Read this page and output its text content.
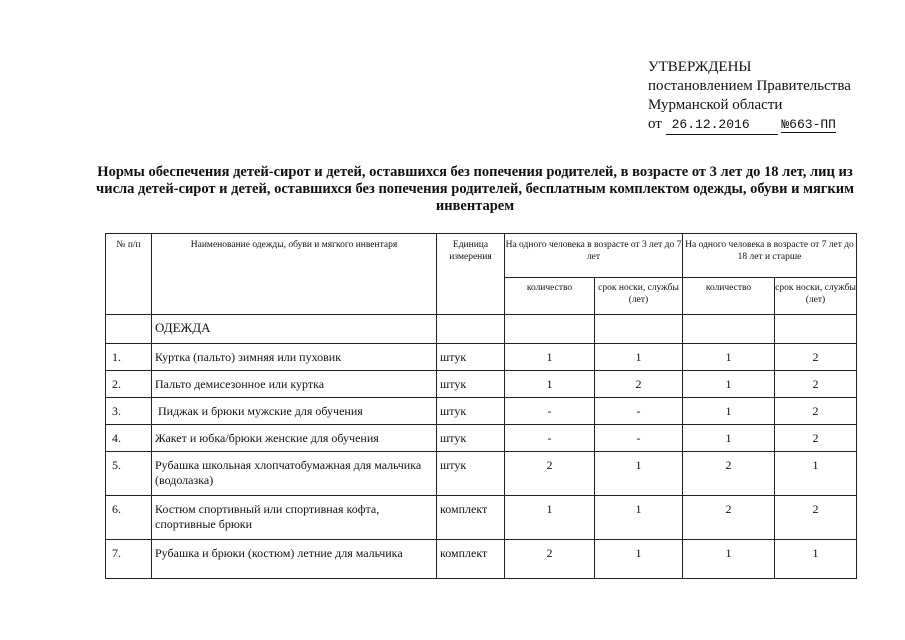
УТВЕРЖДЕНЫ
постановлением Правительства
Мурманской области
от 26.12.2016 №663-ПП
Нормы обеспечения детей-сирот и детей, оставшихся без попечения родителей, в возрасте от 3 лет до 18 лет, лиц из числа детей-сирот и детей, оставшихся без попечения родителей, бесплатным комплектом одежды, обуви и мягким инвентарем
№ п/п	Наименование одежды, обуви и мягкого инвентаря	Единица измерения	На одного человека в возрасте от 3 лет до 7 лет		На одного человека в возрасте от 7 лет до 18 лет и старше	
			количество	срок носки, службы (лет)	количество	срок носки, службы (лет)
	ОДЕЖДА					
1.	Куртка (пальто) зимняя или пуховик	штук	1	1	1	2
2.	Пальто демисезонное или куртка	штук	1	2	1	2
3.	Пиджак и брюки мужские для обучения	штук	-	-	1	2
4.	Жакет и юбка/брюки женские для обучения	штук	-	-	1	2
5.	Рубашка школьная хлопчатобумажная для мальчика (водолазка)	штук	2	1	2	1
6.	Костюм спортивный или спортивная кофта, спортивные брюки	комплект	1	1	2	2
7.	Рубашка и брюки (костюм) летние для мальчика	комплект	2	1	1	1
